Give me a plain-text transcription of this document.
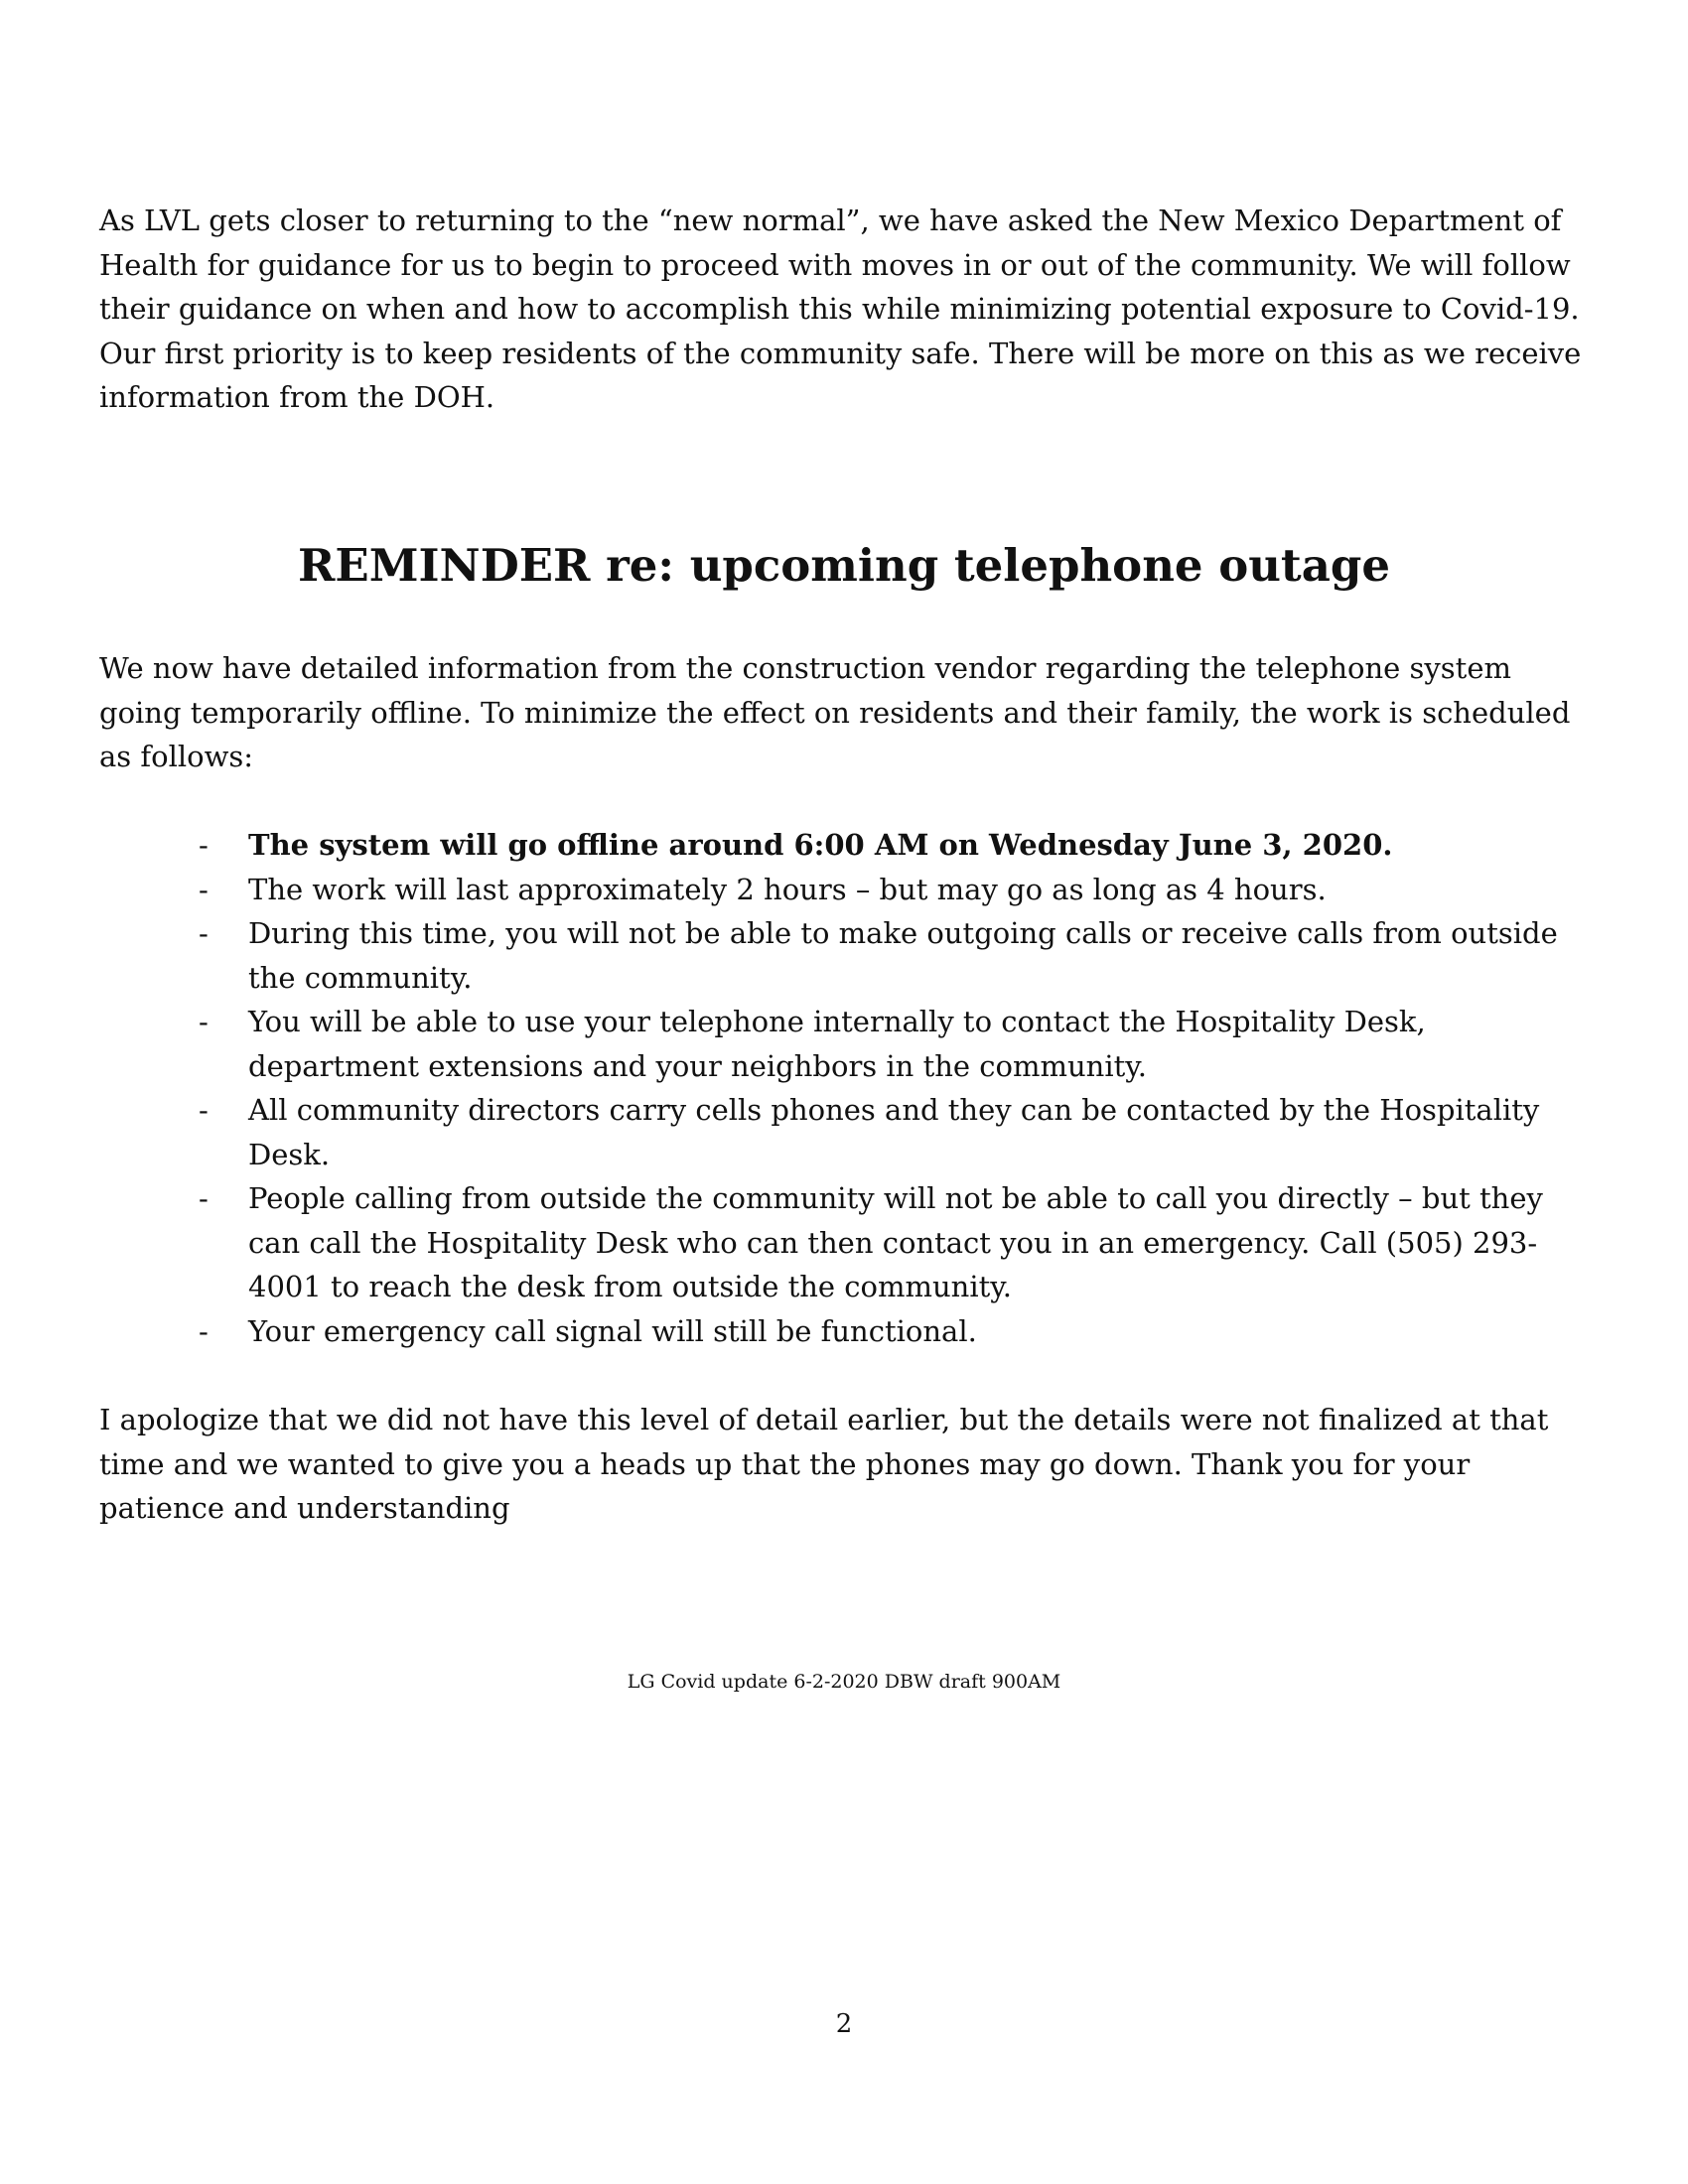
As LVL gets closer to returning to the “new normal”, we have asked the New Mexico Department of Health for guidance for us to begin to proceed with moves in or out of the community. We will follow their guidance on when and how to accomplish this while minimizing potential exposure to Covid-19. Our first priority is to keep residents of the community safe. There will be more on this as we receive information from the DOH.

REMINDER re: upcoming telephone outage

We now have detailed information from the construction vendor regarding the telephone system going temporarily offline. To minimize the effect on residents and their family, the work is scheduled as follows:

- The system will go offline around 6:00 AM on Wednesday June 3, 2020.
- The work will last approximately 2 hours – but may go as long as 4 hours.
- During this time, you will not be able to make outgoing calls or receive calls from outside the community.
- You will be able to use your telephone internally to contact the Hospitality Desk, department extensions and your neighbors in the community.
- All community directors carry cells phones and they can be contacted by the Hospitality Desk.
- People calling from outside the community will not be able to call you directly – but they can call the Hospitality Desk who can then contact you in an emergency. Call (505) 293-4001 to reach the desk from outside the community.
- Your emergency call signal will still be functional.

I apologize that we did not have this level of detail earlier, but the details were not finalized at that time and we wanted to give you a heads up that the phones may go down. Thank you for your patience and understanding

LG Covid update 6-2-2020 DBW draft 900AM

2
